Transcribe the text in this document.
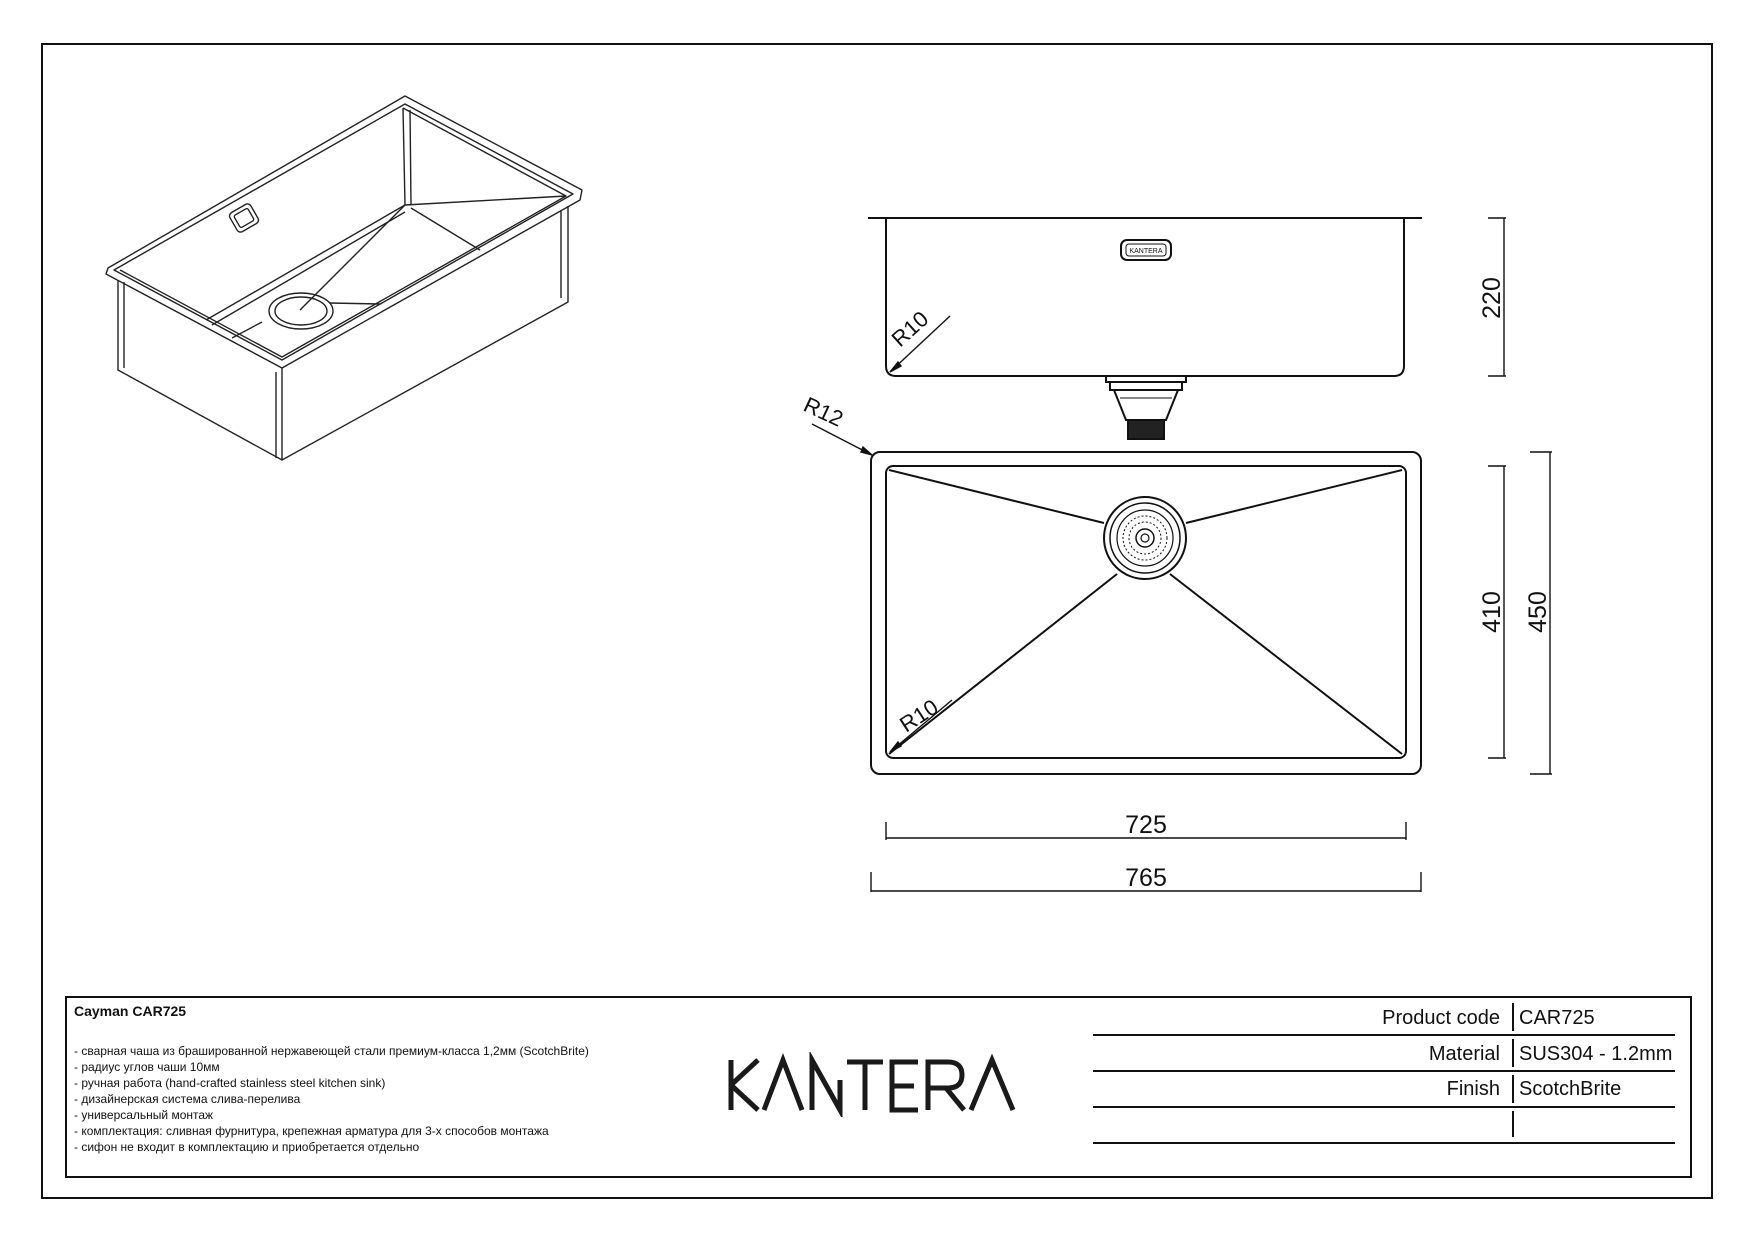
KANTERA
220
R10
R12
R10
410 450
725
765
Cayman CAR725
- сварная чаша из брашированной нержавеющей стали премиум-класса 1,2мм (ScotchBrite)
- радиус углов чаши 10мм
- ручная работа (hand-crafted stainless steel kitchen sink)
- дизайнерская система слива-перелива
- универсальный монтаж
- комплектация: сливная фурнитура, крепежная арматура для 3-х способов монтажа
- сифон не входит в комплектацию и приобретается отдельно
Product code CAR725
Material SUS304 - 1.2mm
Finish ScotchBrite
